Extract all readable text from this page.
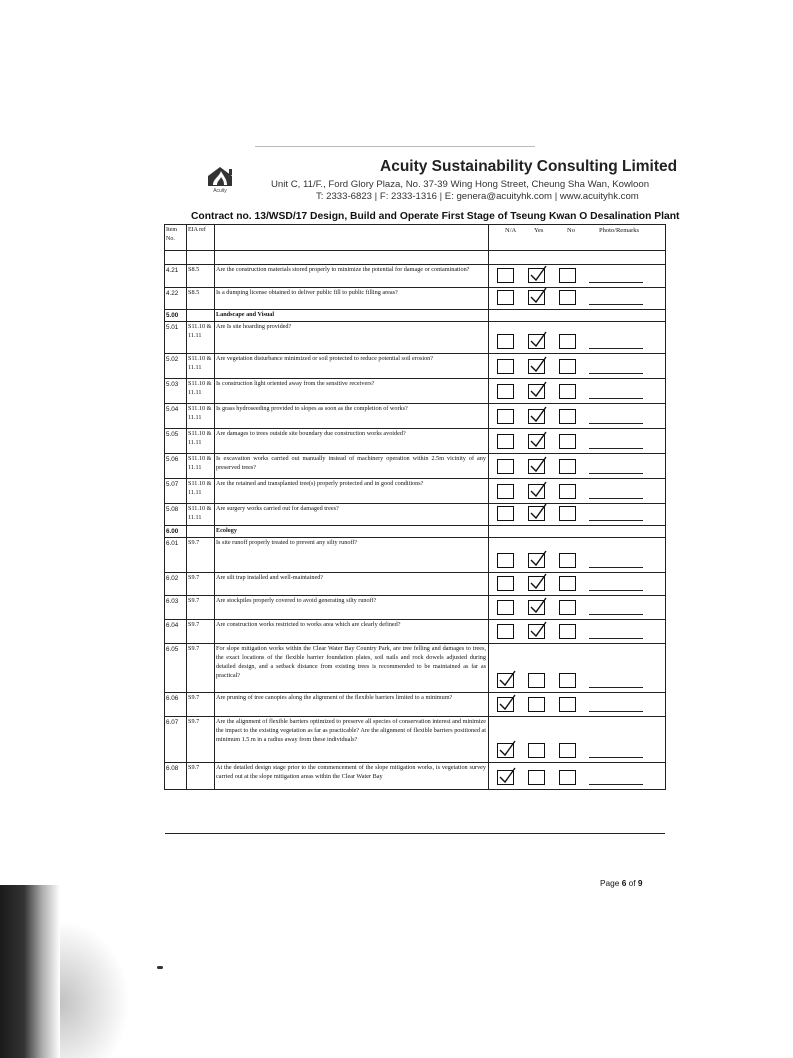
Acuity
Acuity Sustainability Consulting Limited
Unit C, 11/F., Ford Glory Plaza, No. 37-39 Wing Hong Street, Cheung Sha Wan, Kowloon
T: 2333-6823 | F: 2333-1316 | E: genera@acuityhk.com | www.acuityhk.com
Contract no. 13/WSD/17 Design, Build and Operate First Stage of Tseung Kwan O Desalination Plant
Item No.	EIA ref		N/A Yes No Photo/Remarks

4.21	S8.5	Are the construction materials stored properly to minimize the potential for damage or contamination?	

4.22	S8.5	Is a dumping license obtained to deliver public fill to public filling areas?	

5.00		Landscape and Visual	
5.01	S11.10 & 11.11	Are Is site hoarding provided?	

5.02	S11.10 & 11.11	Are vegetation disturbance minimized or soil protected to reduce potential soil erosion?	

5.03	S11.10 & 11.11	Is construction light oriented away from the sensitive receivers?	

5.04	S11.10 & 11.11	Is grass hydroseeding provided to slopes as soon as the completion of works?	

5.05	S11.10 & 11.11	Are damages to trees outside site boundary due construction works avoided?	

5.06	S11.10 & 11.11	Is excavation works carried out manually instead of machinery operation within 2.5m vicinity of any preserved trees?	

5.07	S11.10 & 11.11	Are the retained and transplanted tree(s) properly protected and in good conditions?	

5.08	S11.10 & 11.11	Are surgery works carried out for damaged trees?	

6.00		Ecology	
6.01	S9.7	Is site runoff properly treated to prevent any silty runoff?	

6.02	S9.7	Are silt trap installed and well-maintained?	

6.03	S9.7	Are stockpiles properly covered to avoid generating silty runoff?	

6.04	S9.7	Are construction works restricted to works area which are clearly defined?	

6.05	S9.7	For slope mitigation works within the Clear Water Bay Country Park, are tree felling and damages to trees, the exact locations of the flexible barrier foundation plates, soil nails and rock dowels adjusted during detailed design, and a setback distance from existing trees is recommended to be maintained as far as practical?	

6.06	S9.7	Are pruning of tree canopies along the alignment of the flexible barriers limited to a minimum?	

6.07	S9.7	Are the alignment of flexible barriers optimized to preserve all species of conservation interest and minimize the impact to the existing vegetation as far as practicable? Are the alignment of flexible barriers positioned at minimum 1.5 m in a radius away from these individuals?	

6.08	S9.7	At the detailed design stage prior to the commencement of the slope mitigation works, is vegetation survey carried out at the slope mitigation areas within the Clear Water Bay	
Page 6 of 9
